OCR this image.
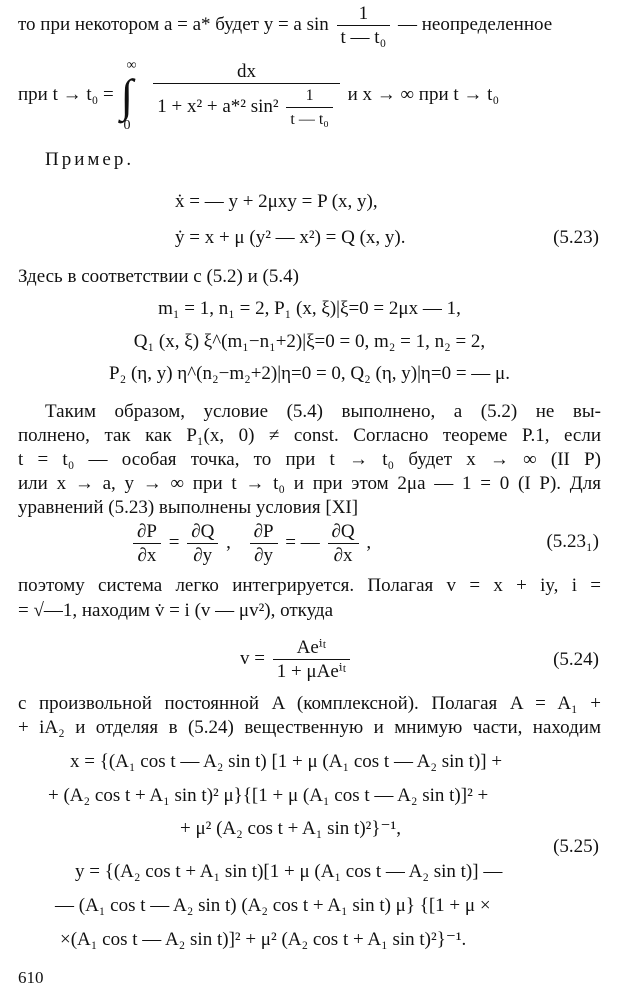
то при некотором a = a* будет y = a $\sin \frac{1}{\text{t — t₀}}$ — неопределенное
при t → t₀ =
∞
∫
0
$\frac{dx}{1 + x^2 + a*^2 \sin^2 \frac{1}{\text{t — t₀}}}$ и x → ∞ при t → t₀
Пример.
ẋ = — y + 2μxy = P (x, y),
ẏ = x + μ (y² — x²) = Q (x, y).	(5.23)
Здесь в соответствии с (5.2) и (5.4)
m₁ = 1, n₁ = 2, P₁ (x, ξ)|ξ=0 = 2μx — 1,
Q₁ (x, ξ) ξ^(m₁−n₁+2)|ξ=0 = 0, m₂ = 1, n₂ = 2,
P₂ (η, y) η^(n₂−m₂+2)|η=0 = 0, Q₂ (η, y)|η=0 = — μ.
Таким образом, условие (5.4) выполнено, а (5.2) не вы-
полнено, так как P₁(x, 0) ≠ const. Согласно теореме P.1, если
t = t₀ — особая точка, то при t → t₀ будет x → ∞ (II P)
или x → a, y → ∞ при t → t₀ и при этом 2μa — 1 = 0 (I P). Для
уравнений (5.23) выполнены условия [XI]
$\frac{\partial P}{\partial x} = \frac{\partial Q}{\partial y}$ , $\frac{\partial P}{\partial y}$ = — $\frac{\partial Q}{\partial x}$ ,	(5.23₁)
поэтому система легко интегрируется. Полагая v = x + iy, i =
= √—1, находим v̇ = i (v — μv²), откуда
$v = \frac{\text{Aeⁱᵗ}}{\text{1 + μAeⁱᵗ}}$	(5.24)
с произвольной постоянной A (комплексной). Полагая A = A₁ +
+ iA₂ и отделяя в (5.24) вещественную и мнимую части, находим
x = {(A₁ cos t — A₂ sin t) [1 + μ (A₁ cos t — A₂ sin t)] +
+ (A₂ cos t + A₁ sin t)² μ}{[1 + μ (A₁ cos t — A₂ sin t)]² +
+ μ² (A₂ cos t + A₁ sin t)²}⁻¹,
(5.25)
y = {(A₂ cos t + A₁ sin t)[1 + μ (A₁ cos t — A₂ sin t)] —
— (A₁ cos t — A₂ sin t) (A₂ cos t + A₁ sin t) μ} {[1 + μ ×
×(A₁ cos t — A₂ sin t)]² + μ² (A₂ cos t + A₁ sin t)²}⁻¹.
610
